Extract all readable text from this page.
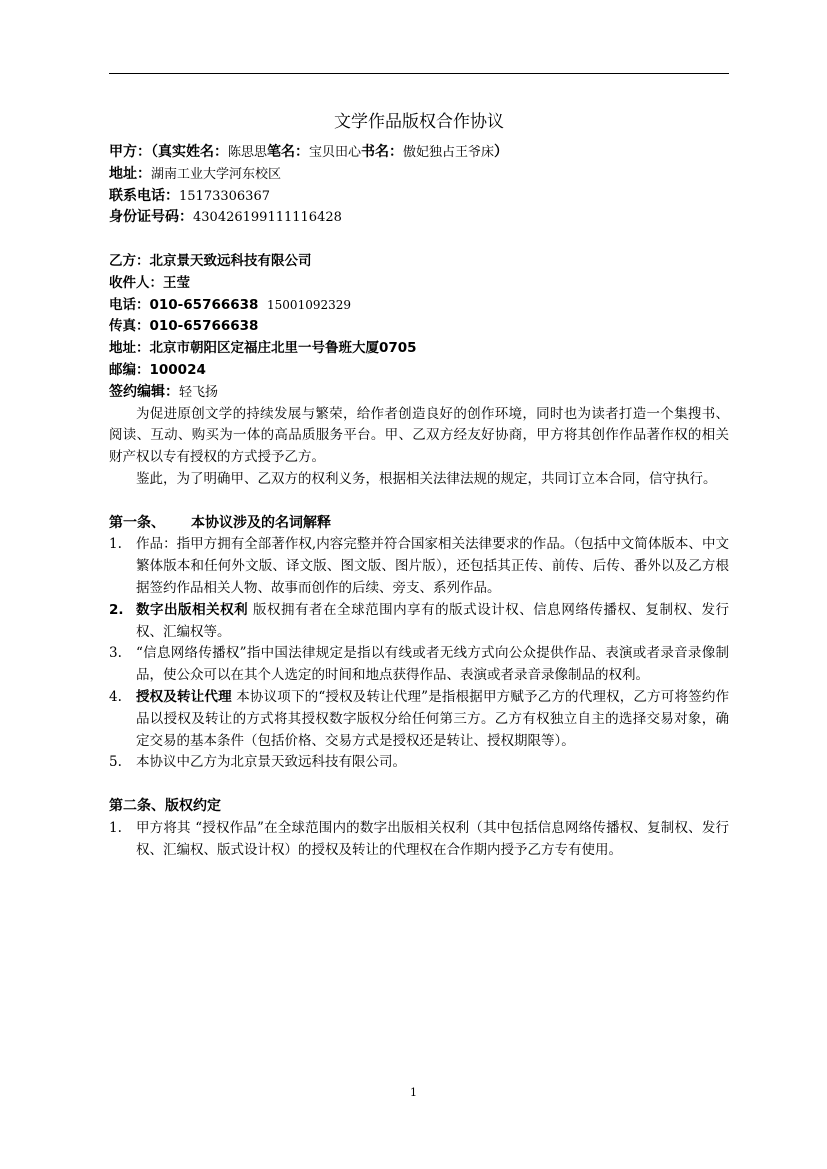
文学作品版权合作协议
甲方：（真实姓名：陈思思笔名：宝贝田心书名：傲妃独占王爷床）
地址：湖南工业大学河东校区
联系电话：15173306367
身份证号码：430426199111116428
乙方：北京景天致远科技有限公司
收件人：王莹
电话：010-65766638 15001092329
传真：010-65766638
地址：北京市朝阳区定福庄北里一号鲁班大厦0705
邮编：100024
签约编辑：轻飞扬

为促进原创文学的持续发展与繁荣，给作者创造良好的创作环境，同时也为读者打造一个集搜书、阅读、互动、购买为一体的高品质服务平台。甲、乙双方经友好协商，甲方将其创作作品著作权的相关财产权以专有授权的方式授予乙方。

鉴此，为了明确甲、乙双方的权利义务，根据相关法律法规的规定，共同订立本合同，信守执行。

第一条、 本协议涉及的名词解释
1. 作品：指甲方拥有全部著作权,内容完整并符合国家相关法律要求的作品。（包括中文简体版本、中文繁体版本和任何外文版、译文版、图文版、图片版），还包括其正传、前传、后传、番外以及乙方根据签约作品相关人物、故事而创作的后续、旁支、系列作品。
2. 数字出版相关权利 版权拥有者在全球范围内享有的版式设计权、信息网络传播权、复制权、发行权、汇编权等。
3. “信息网络传播权”指中国法律规定是指以有线或者无线方式向公众提供作品、表演或者录音录像制品，使公众可以在其个人选定的时间和地点获得作品、表演或者录音录像制品的权利。
4. 授权及转让代理 本协议项下的“授权及转让代理”是指根据甲方赋予乙方的代理权，乙方可将签约作品以授权及转让的方式将其授权数字版权分给任何第三方。乙方有权独立自主的选择交易对象，确定交易的基本条件（包括价格、交易方式是授权还是转让、授权期限等）。
5. 本协议中乙方为北京景天致远科技有限公司。
第二条、版权约定
1. 甲方将其 “授权作品”在全球范围内的数字出版相关权利（其中包括信息网络传播权、复制权、发行权、汇编权、版式设计权）的授权及转让的代理权在合作期内授予乙方专有使用。
1
